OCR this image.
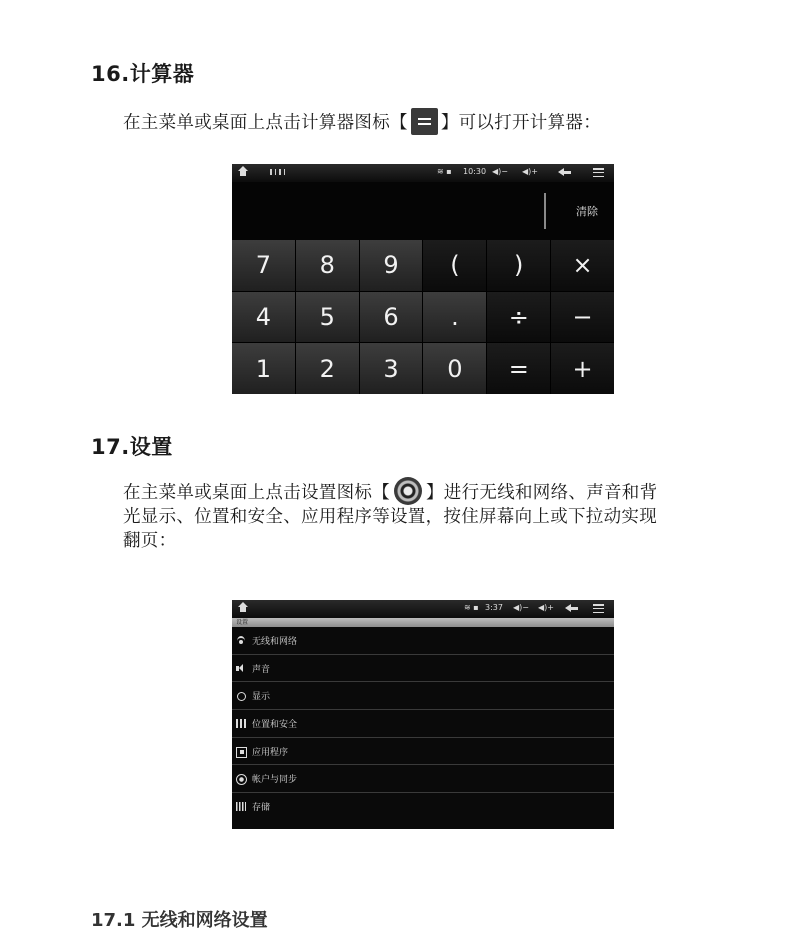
16.计算器
在主菜单或桌面上点击计算器图标【 】可以打开计算器：
≋ ▪ 10:30 ◀)− ◀)+
清除
7	8	9	(	)	×
4	5	6	.	÷	−
1	2	3	0	=	+
17.设置
在主菜单或桌面上点击设置图标【 】进行无线和网络、声音和背
光显示、位置和安全、应用程序等设置，按住屏幕向上或下拉动实现
翻页：
≋ ▪ 3:37 ◀)− ◀)+
设置
无线和网络
声音
显示
位置和安全
应用程序
帐户与同步
存储
17.1 无线和网络设置
